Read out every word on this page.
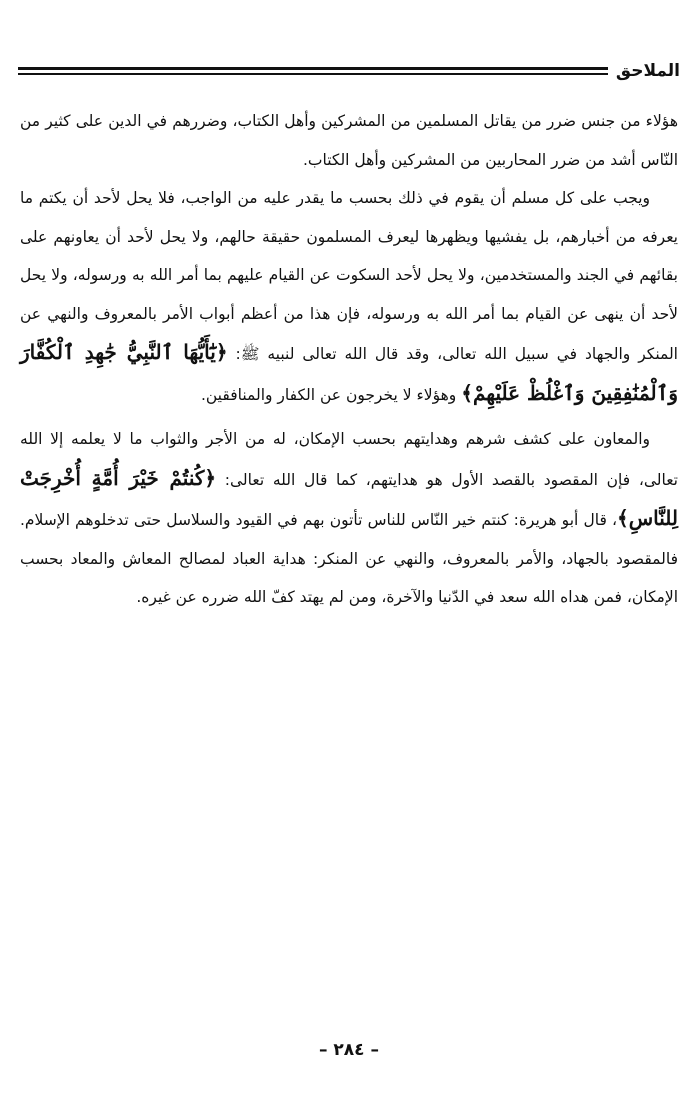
الملاحق

هؤلاء من جنس ضرر من يقاتل المسلمين من المشركين وأهل الكتاب، وضررهم في الدين على كثير من النّاس أشد من ضرر المحاربين من المشركين وأهل الكتاب.

ويجب على كل مسلم أن يقوم في ذلك بحسب ما يقدر عليه من الواجب، فلا يحل لأحد أن يكتم ما يعرفه من أخبارهم، بل يفشيها ويظهرها ليعرف المسلمون حقيقة حالهم، ولا يحل لأحد أن يعاونهم على بقائهم في الجند والمستخدمين، ولا يحل لأحد السكوت عن القيام عليهم بما أمر الله به ورسوله، ولا يحل لأحد أن ينهى عن القيام بما أمر الله به ورسوله، فإن هذا من أعظم أبواب الأمر بالمعروف والنهي عن المنكر والجهاد في سبيل الله تعالى، وقد قال الله تعالى لنبيه ﷺ: ﴿يَٰٓأَيُّهَا ٱلنَّبِيُّ جَٰهِدِ ٱلْكُفَّارَ وَٱلْمُنَٰفِقِينَ وَٱغْلُظْ عَلَيْهِمْ﴾ وهؤلاء لا يخرجون عن الكفار والمنافقين.

والمعاون على كشف شرهم وهدايتهم بحسب الإمكان، له من الأجر والثواب ما لا يعلمه إلا الله تعالى، فإن المقصود بالقصد الأول هو هدايتهم، كما قال الله تعالى: ﴿كُنتُمْ خَيْرَ أُمَّةٍ أُخْرِجَتْ لِلنَّاسِ﴾، قال أبو هريرة: كنتم خير النّاس للناس تأتون بهم في القيود والسلاسل حتى تدخلوهم الإسلام. فالمقصود بالجهاد، والأمر بالمعروف، والنهي عن المنكر: هداية العباد لمصالح المعاش والمعاد بحسب الإمكان، فمن هداه الله سعد في الدّنيا والآخرة، ومن لم يهتد كفّ الله ضرره عن غيره.

– ٢٨٤ –
